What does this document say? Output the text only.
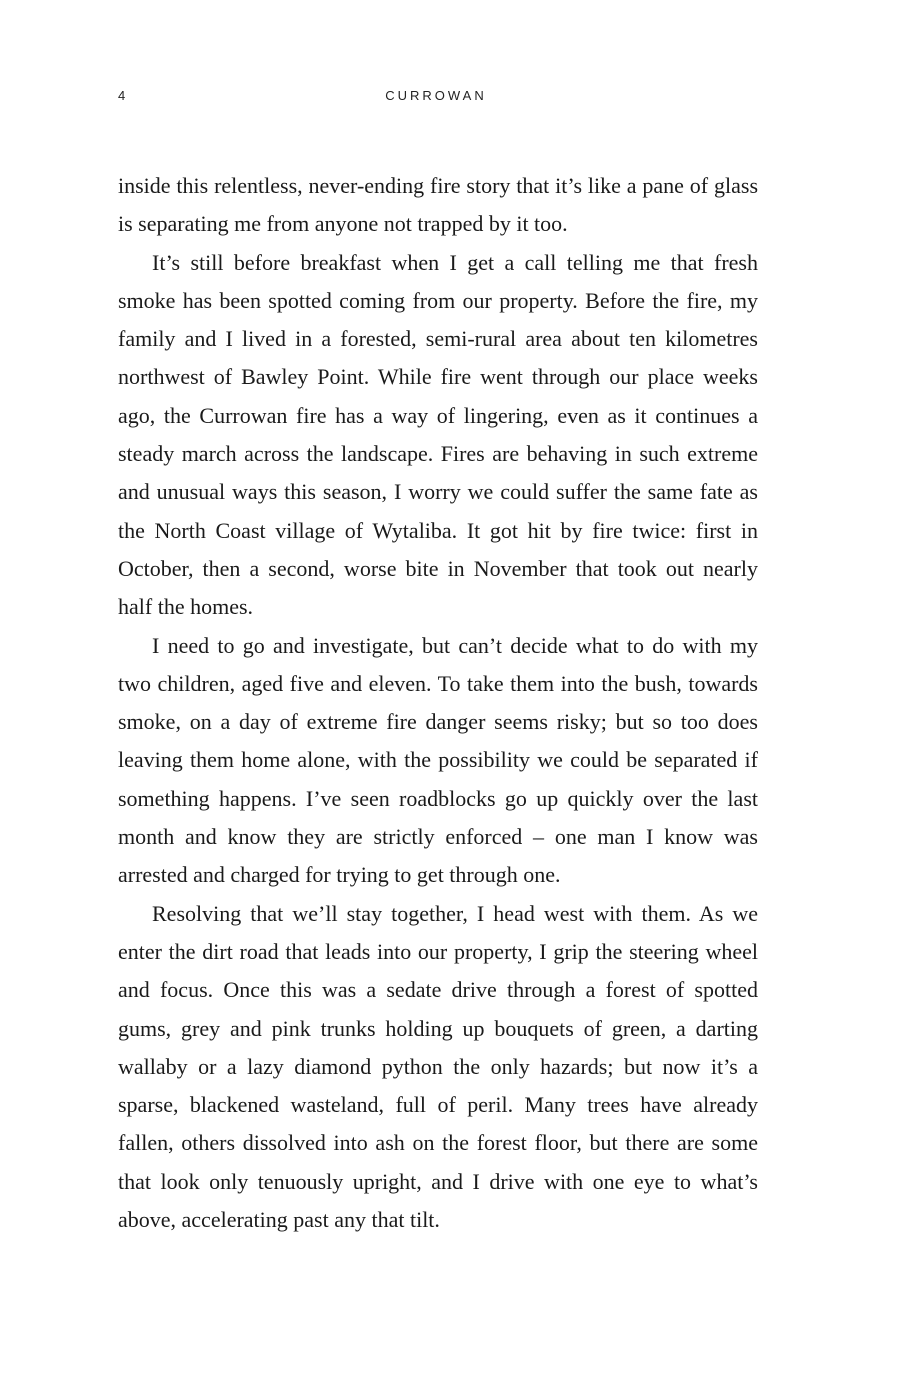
4	CURROWAN

inside this relentless, never-ending fire story that it’s like a pane of glass is separating me from anyone not trapped by it too.

It’s still before breakfast when I get a call telling me that fresh smoke has been spotted coming from our property. Before the fire, my family and I lived in a forested, semi-rural area about ten kilometres northwest of Bawley Point. While fire went through our place weeks ago, the Currowan fire has a way of lingering, even as it continues a steady march across the landscape. Fires are behaving in such extreme and unusual ways this season, I worry we could suffer the same fate as the North Coast village of Wytaliba. It got hit by fire twice: first in October, then a second, worse bite in November that took out nearly half the homes.

I need to go and investigate, but can’t decide what to do with my two children, aged five and eleven. To take them into the bush, towards smoke, on a day of extreme fire danger seems risky; but so too does leaving them home alone, with the possibility we could be separated if something happens. I’ve seen roadblocks go up quickly over the last month and know they are strictly enforced – one man I know was arrested and charged for trying to get through one.

Resolving that we’ll stay together, I head west with them. As we enter the dirt road that leads into our property, I grip the steering wheel and focus. Once this was a sedate drive through a forest of spotted gums, grey and pink trunks holding up bouquets of green, a darting wallaby or a lazy diamond python the only hazards; but now it’s a sparse, blackened wasteland, full of peril. Many trees have already fallen, others dissolved into ash on the forest floor, but there are some that look only tenuously upright, and I drive with one eye to what’s above, accelerating past any that tilt.
